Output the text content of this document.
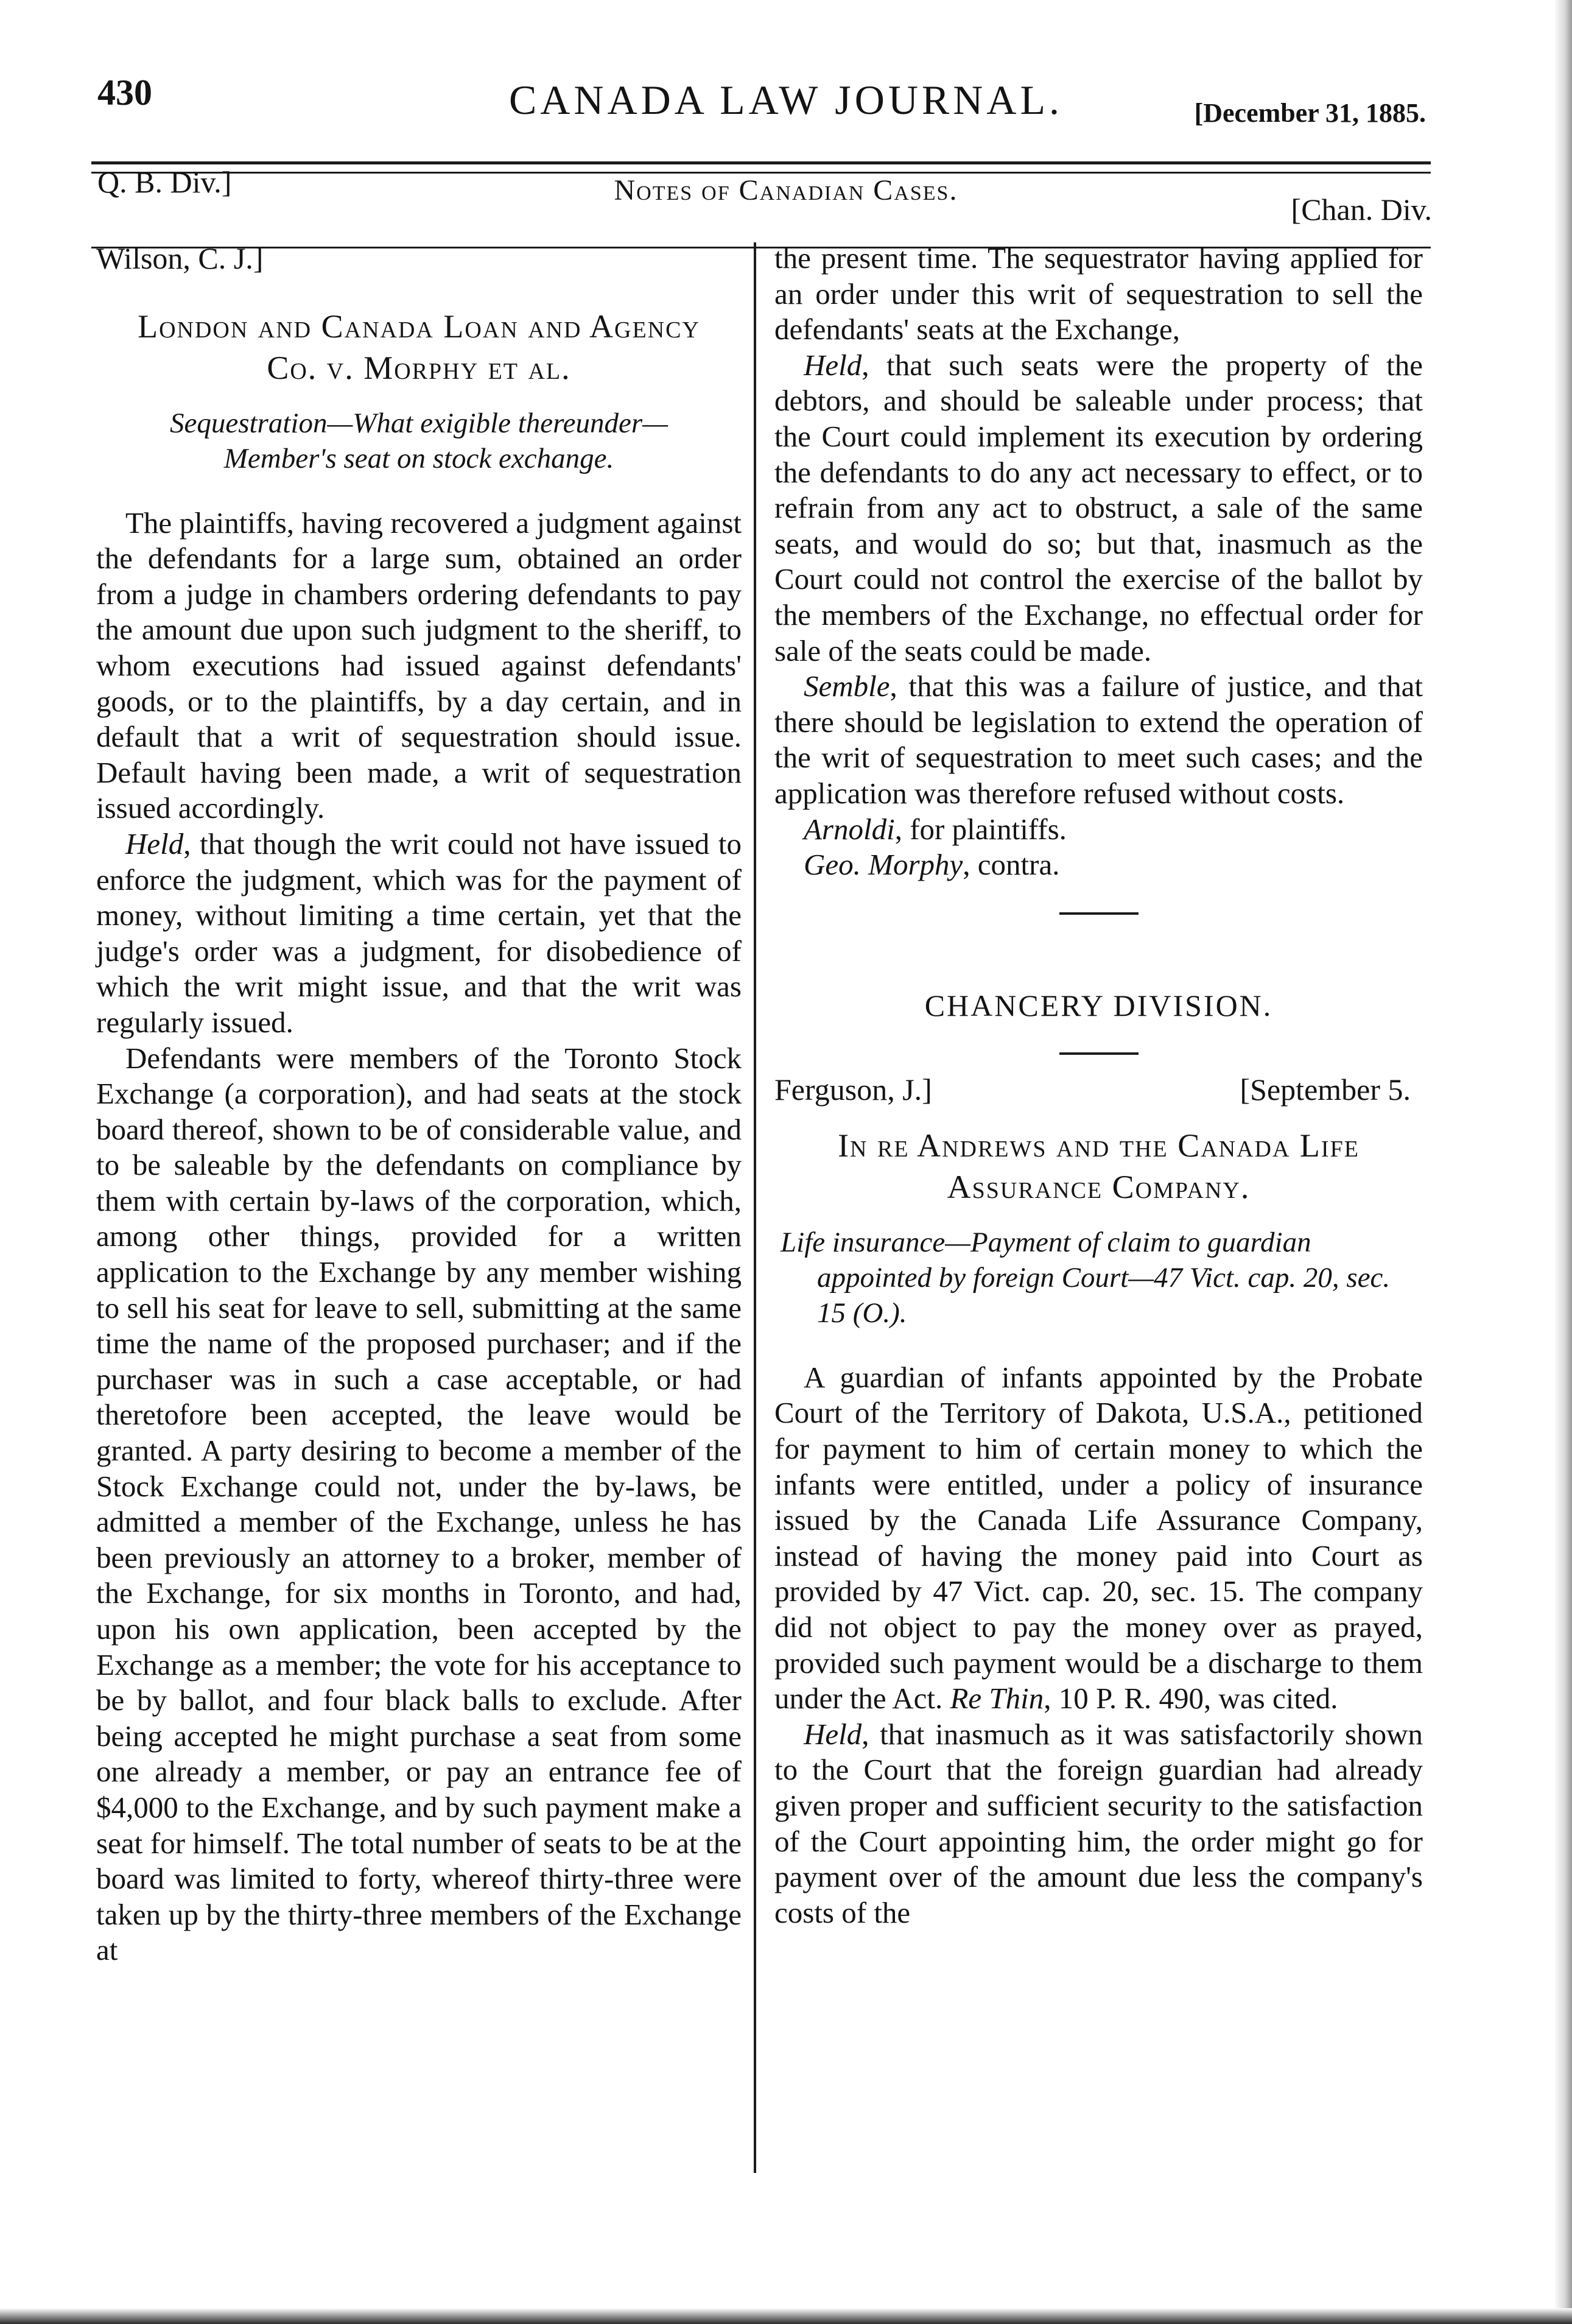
430	CANADA LAW JOURNAL.	[December 31, 1885.
Q. B. Div.]	Notes of Canadian Cases.
[Chan. Div.
Wilson, C. J.]
London and Canada Loan and Agency
Co. v. Morphy et al.
Sequestration—What exigible thereunder—Member's seat on stock exchange.

The plaintiffs, having recovered a judgment against the defendants for a large sum, obtained an order from a judge in chambers ordering defendants to pay the amount due upon such judgment to the sheriff, to whom executions had issued against defendants' goods, or to the plaintiffs, by a day certain, and in default that a writ of sequestration should issue. Default having been made, a writ of sequestration issued accordingly.

Held, that though the writ could not have issued to enforce the judgment, which was for the payment of money, without limiting a time certain, yet that the judge's order was a judgment, for disobedience of which the writ might issue, and that the writ was regularly issued.

Defendants were members of the Toronto Stock Exchange (a corporation), and had seats at the stock board thereof, shown to be of considerable value, and to be saleable by the defendants on compliance by them with certain by-laws of the corporation, which, among other things, provided for a written application to the Exchange by any member wishing to sell his seat for leave to sell, submitting at the same time the name of the proposed purchaser; and if the purchaser was in such a case acceptable, or had theretofore been accepted, the leave would be granted. A party desiring to become a member of the Stock Exchange could not, under the by-laws, be admitted a member of the Exchange, unless he has been previously an attorney to a broker, member of the Exchange, for six months in Toronto, and had, upon his own application, been accepted by the Exchange as a member; the vote for his acceptance to be by ballot, and four black balls to exclude. After being accepted he might purchase a seat from some one already a member, or pay an entrance fee of $4,000 to the Exchange, and by such payment make a seat for himself. The total number of seats to be at the board was limited to forty, whereof thirty-three were taken up by the thirty-three members of the Exchange at

the present time. The sequestrator having applied for an order under this writ of sequestration to sell the defendants' seats at the Exchange,

Held, that such seats were the property of the debtors, and should be saleable under process; that the Court could implement its execution by ordering the defendants to do any act necessary to effect, or to refrain from any act to obstruct, a sale of the same seats, and would do so; but that, inasmuch as the Court could not control the exercise of the ballot by the members of the Exchange, no effectual order for sale of the seats could be made.

Semble, that this was a failure of justice, and that there should be legislation to extend the operation of the writ of sequestration to meet such cases; and the application was therefore refused without costs.

Arnoldi, for plaintiffs.
Geo. Morphy, contra.
CHANCERY DIVISION.
Ferguson, J.]	[September 5.
In re Andrews and the Canada Life
Assurance Company.
Life insurance—Payment of claim to guardian appointed by foreign Court—47 Vict. cap. 20, sec. 15 (O.).

A guardian of infants appointed by the Probate Court of the Territory of Dakota, U.S.A., petitioned for payment to him of certain money to which the infants were entitled, under a policy of insurance issued by the Canada Life Assurance Company, instead of having the money paid into Court as provided by 47 Vict. cap. 20, sec. 15. The company did not object to pay the money over as prayed, provided such payment would be a discharge to them under the Act. Re Thin, 10 P. R. 490, was cited.

Held, that inasmuch as it was satisfactorily shown to the Court that the foreign guardian had already given proper and sufficient security to the satisfaction of the Court appointing him, the order might go for payment over of the amount due less the company's costs of the
